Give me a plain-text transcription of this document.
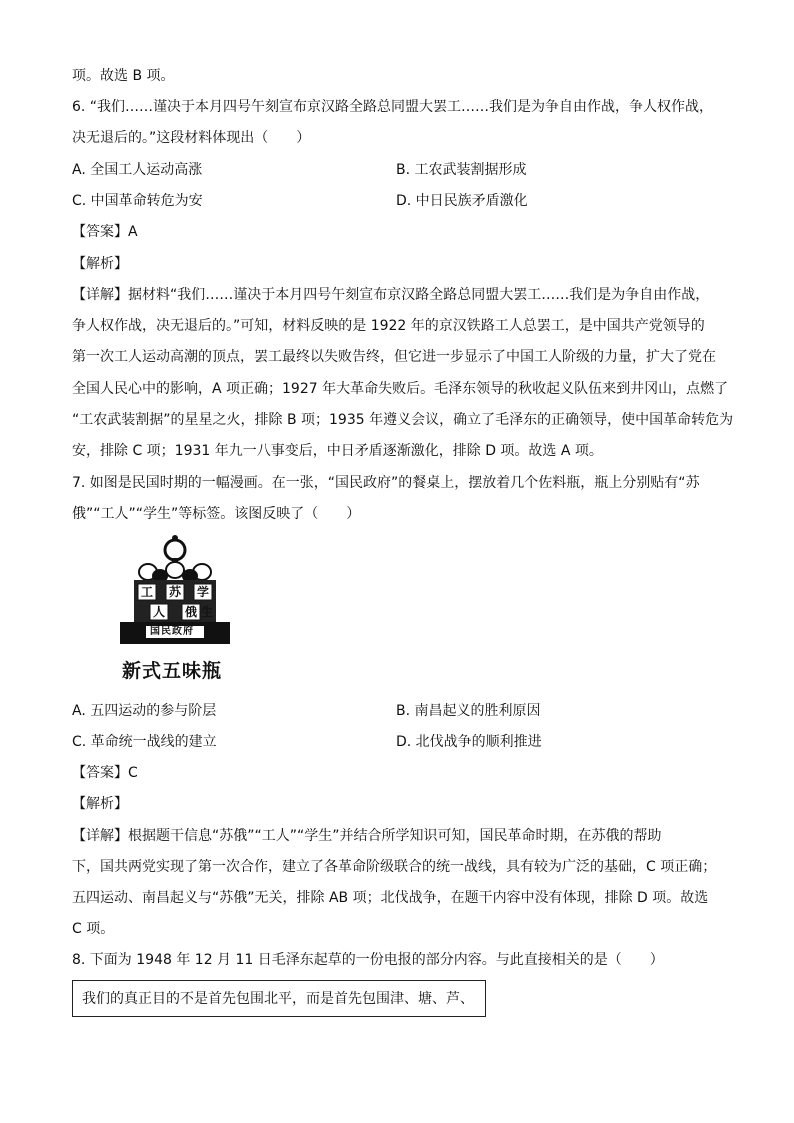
项。故选 B 项。
6. “我们……谨决于本月四号午刻宣布京汉路全路总同盟大罢工……我们是为争自由作战，争人权作战，
决无退后的。”这段材料体现出（　　）
A. 全国工人运动高涨	B. 工农武装割据形成
C. 中国革命转危为安	D. 中日民族矛盾激化
【答案】A
【解析】
【详解】据材料“我们……谨决于本月四号午刻宣布京汉路全路总同盟大罢工……我们是为争自由作战，
争人权作战，决无退后的。”可知，材料反映的是 1922 年的京汉铁路工人总罢工，是中国共产党领导的
第一次工人运动高潮的顶点，罢工最终以失败告终，但它进一步显示了中国工人阶级的力量，扩大了党在
全国人民心中的影响，A 项正确；1927 年大革命失败后。毛泽东领导的秋收起义队伍来到井冈山，点燃了
“工农武装割据”的星星之火，排除 B 项；1935 年遵义会议，确立了毛泽东的正确领导，使中国革命转危为
安，排除 C 项；1931 年九一八事变后，中日矛盾逐渐激化，排除 D 项。故选 A 项。
7. 如图是民国时期的一幅漫画。在一张，“国民政府”的餐桌上，摆放着几个佐料瓶，瓶上分别贴有“苏
俄”“工人”“学生”等标签。该图反映了（　　）
工 苏 学
人 俄 生
国民政府
新式五味瓶
A. 五四运动的参与阶层	B. 南昌起义的胜利原因
C. 革命统一战线的建立	D. 北伐战争的顺利推进
【答案】C
【解析】
【详解】根据题干信息“苏俄”“工人”“学生”并结合所学知识可知，国民革命时期，在苏俄的帮助
下，国共两党实现了第一次合作，建立了各革命阶级联合的统一战线，具有较为广泛的基础，C 项正确；
五四运动、南昌起义与“苏俄”无关，排除 AB 项；北伐战争，在题干内容中没有体现，排除 D 项。故选
C 项。
8. 下面为 1948 年 12 月 11 日毛泽东起草的一份电报的部分内容。与此直接相关的是（　　）
我们的真正目的不是首先包围北平，而是首先包围津、塘、芦、
